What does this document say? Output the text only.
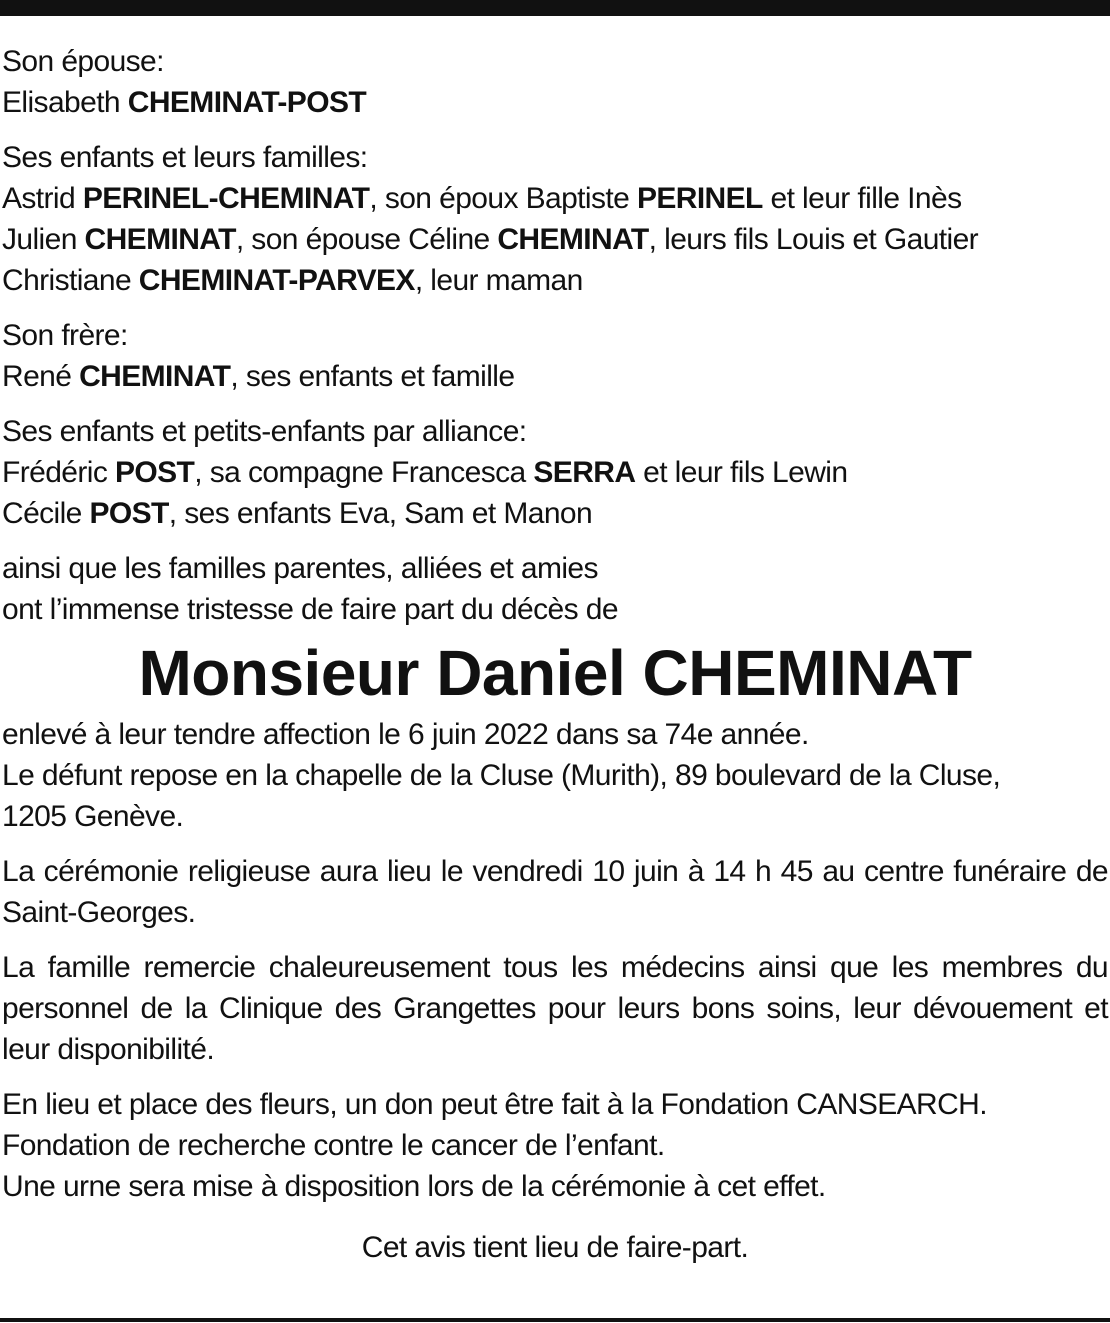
Son épouse:
Elisabeth CHEMINAT-POST
Ses enfants et leurs familles:
Astrid PERINEL-CHEMINAT, son époux Baptiste PERINEL et leur fille Inès
Julien CHEMINAT, son épouse Céline CHEMINAT, leurs fils Louis et Gautier
Christiane CHEMINAT-PARVEX, leur maman
Son frère:
René CHEMINAT, ses enfants et famille
Ses enfants et petits-enfants par alliance:
Frédéric POST, sa compagne Francesca SERRA et leur fils Lewin
Cécile POST, ses enfants Eva, Sam et Manon
ainsi que les familles parentes, alliées et amies
ont l’immense tristesse de faire part du décès de
Monsieur Daniel CHEMINAT
enlevé à leur tendre affection le 6 juin 2022 dans sa 74e année.
Le défunt repose en la chapelle de la Cluse (Murith), 89 boulevard de la Cluse,
1205 Genève.
La cérémonie religieuse aura lieu le vendredi 10 juin à 14 h 45 au centre funéraire de Saint-Georges.
La famille remercie chaleureusement tous les médecins ainsi que les membres du personnel de la Clinique des Grangettes pour leurs bons soins, leur dévouement et leur disponibilité.
En lieu et place des fleurs, un don peut être fait à la Fondation CANSEARCH.
Fondation de recherche contre le cancer de l’enfant.
Une urne sera mise à disposition lors de la cérémonie à cet effet.
Cet avis tient lieu de faire-part.
